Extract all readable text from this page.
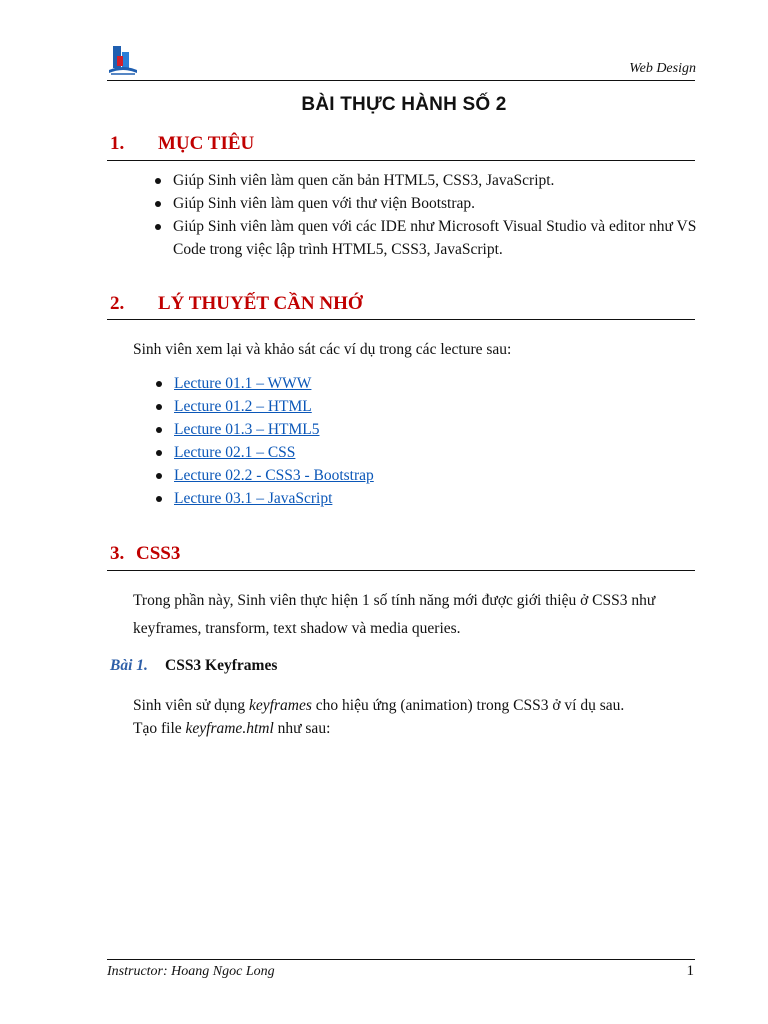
Web Design
BÀI THỰC HÀNH SỐ 2
1. MỤC TIÊU
Giúp Sinh viên làm quen căn bản HTML5, CSS3, JavaScript.
Giúp Sinh viên làm quen với thư viện Bootstrap.
Giúp Sinh viên làm quen với các IDE như Microsoft Visual Studio và editor như VS Code trong việc lập trình HTML5, CSS3, JavaScript.
2. LÝ THUYẾT CẦN NHỚ
Sinh viên xem lại và khảo sát các ví dụ trong các lecture sau:
Lecture 01.1 – WWW
Lecture 01.2 – HTML
Lecture 01.3 – HTML5
Lecture 02.1 – CSS
Lecture 02.2 - CSS3 - Bootstrap
Lecture 03.1 – JavaScript
3. CSS3
Trong phần này, Sinh viên thực hiện 1 số tính năng mới được giới thiệu ở CSS3 như
keyframes, transform, text shadow và media queries.
Bài 1. CSS3 Keyframes
Sinh viên sử dụng keyframes cho hiệu ứng (animation) trong CSS3 ở ví dụ sau.
Tạo file keyframe.html như sau:
Instructor: Hoang Ngoc Long	1
